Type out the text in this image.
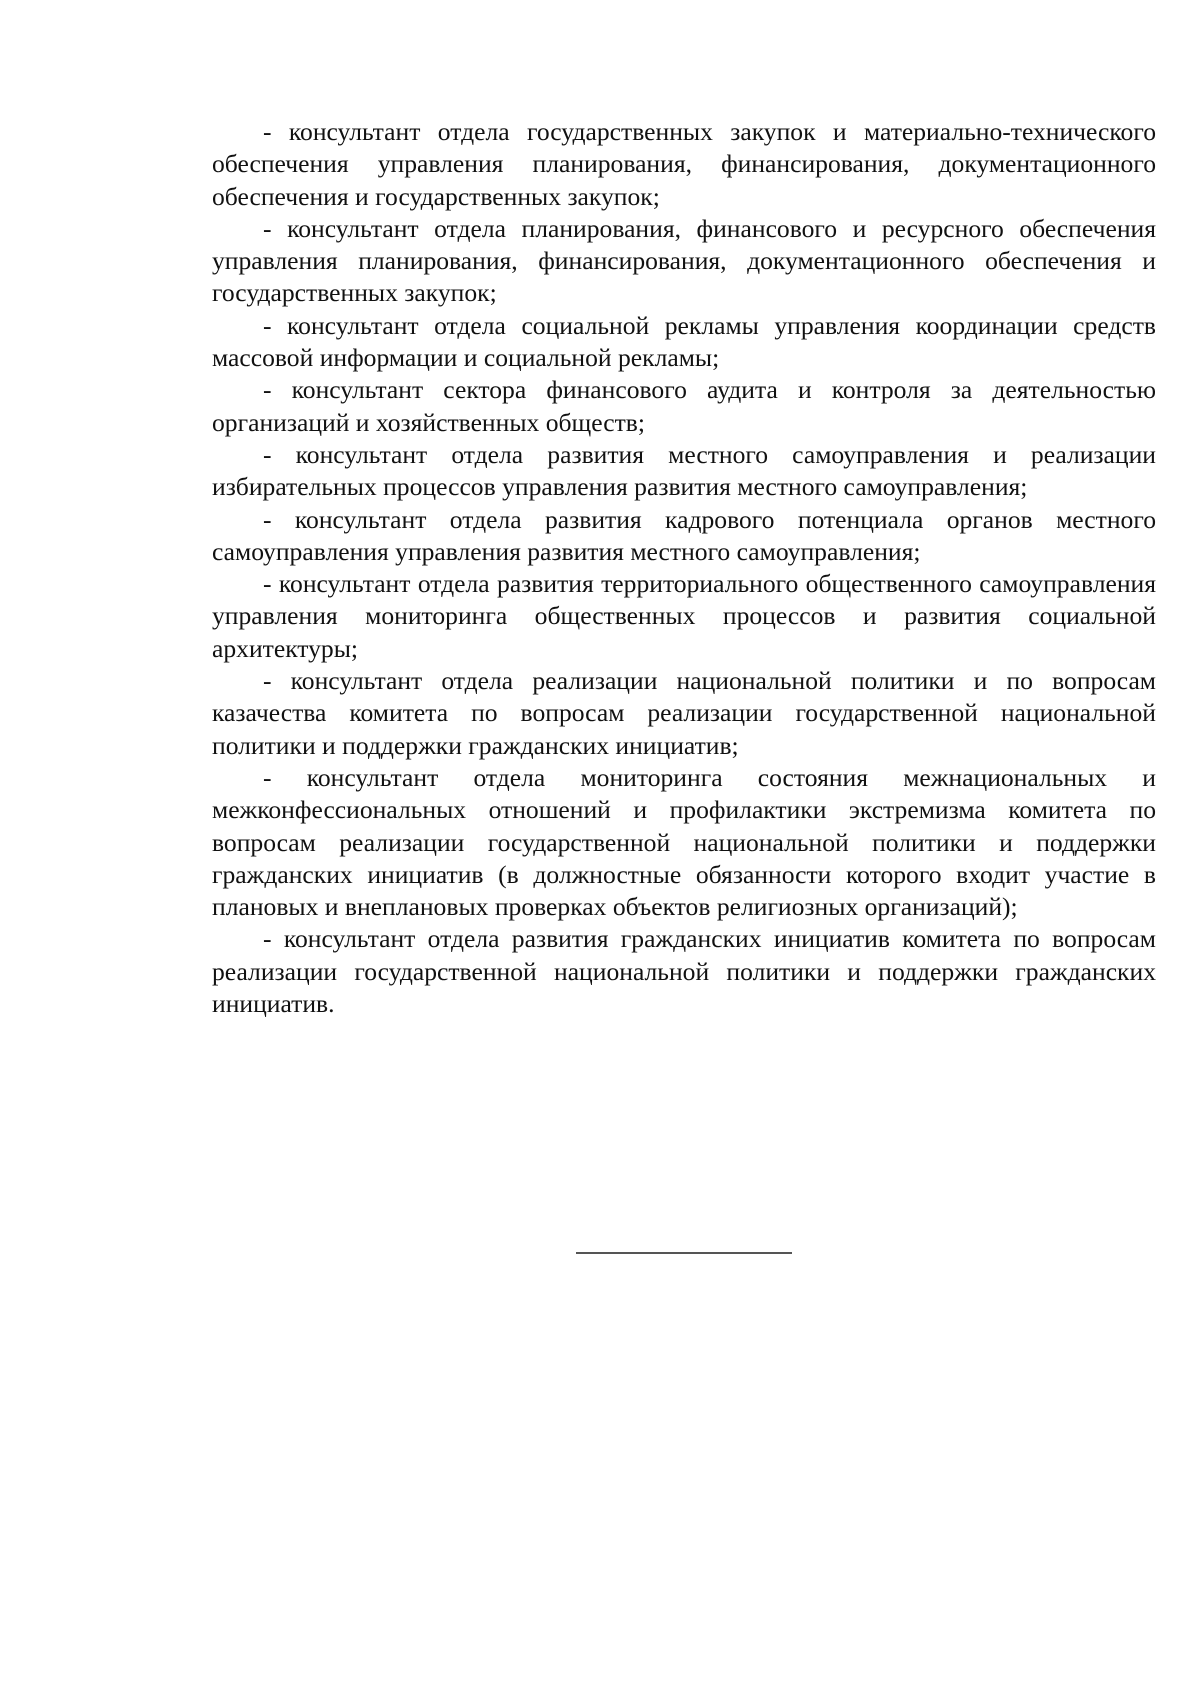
- консультант отдела государственных закупок и материально-технического обеспечения управления планирования, финансирования, документационного обеспечения и государственных закупок;

- консультант отдела планирования, финансового и ресурсного обеспечения управления планирования, финансирования, документационного обеспечения и государственных закупок;

- консультант отдела социальной рекламы управления координации средств массовой информации и социальной рекламы;

- консультант сектора финансового аудита и контроля за деятельностью организаций и хозяйственных обществ;

- консультант отдела развития местного самоуправления и реализации избирательных процессов управления развития местного самоуправления;

- консультант отдела развития кадрового потенциала органов местного самоуправления управления развития местного самоуправления;

- консультант отдела развития территориального общественного самоуправления управления мониторинга общественных процессов и развития социальной архитектуры;

- консультант отдела реализации национальной политики и по вопросам казачества комитета по вопросам реализации государственной национальной политики и поддержки гражданских инициатив;

- консультант отдела мониторинга состояния межнациональных и межконфессиональных отношений и профилактики экстремизма комитета по вопросам реализации государственной национальной политики и поддержки гражданских инициатив (в должностные обязанности которого входит участие в плановых и внеплановых проверках объектов религиозных организаций);

- консультант отдела развития гражданских инициатив комитета по вопросам реализации государственной национальной политики и поддержки гражданских инициатив.
